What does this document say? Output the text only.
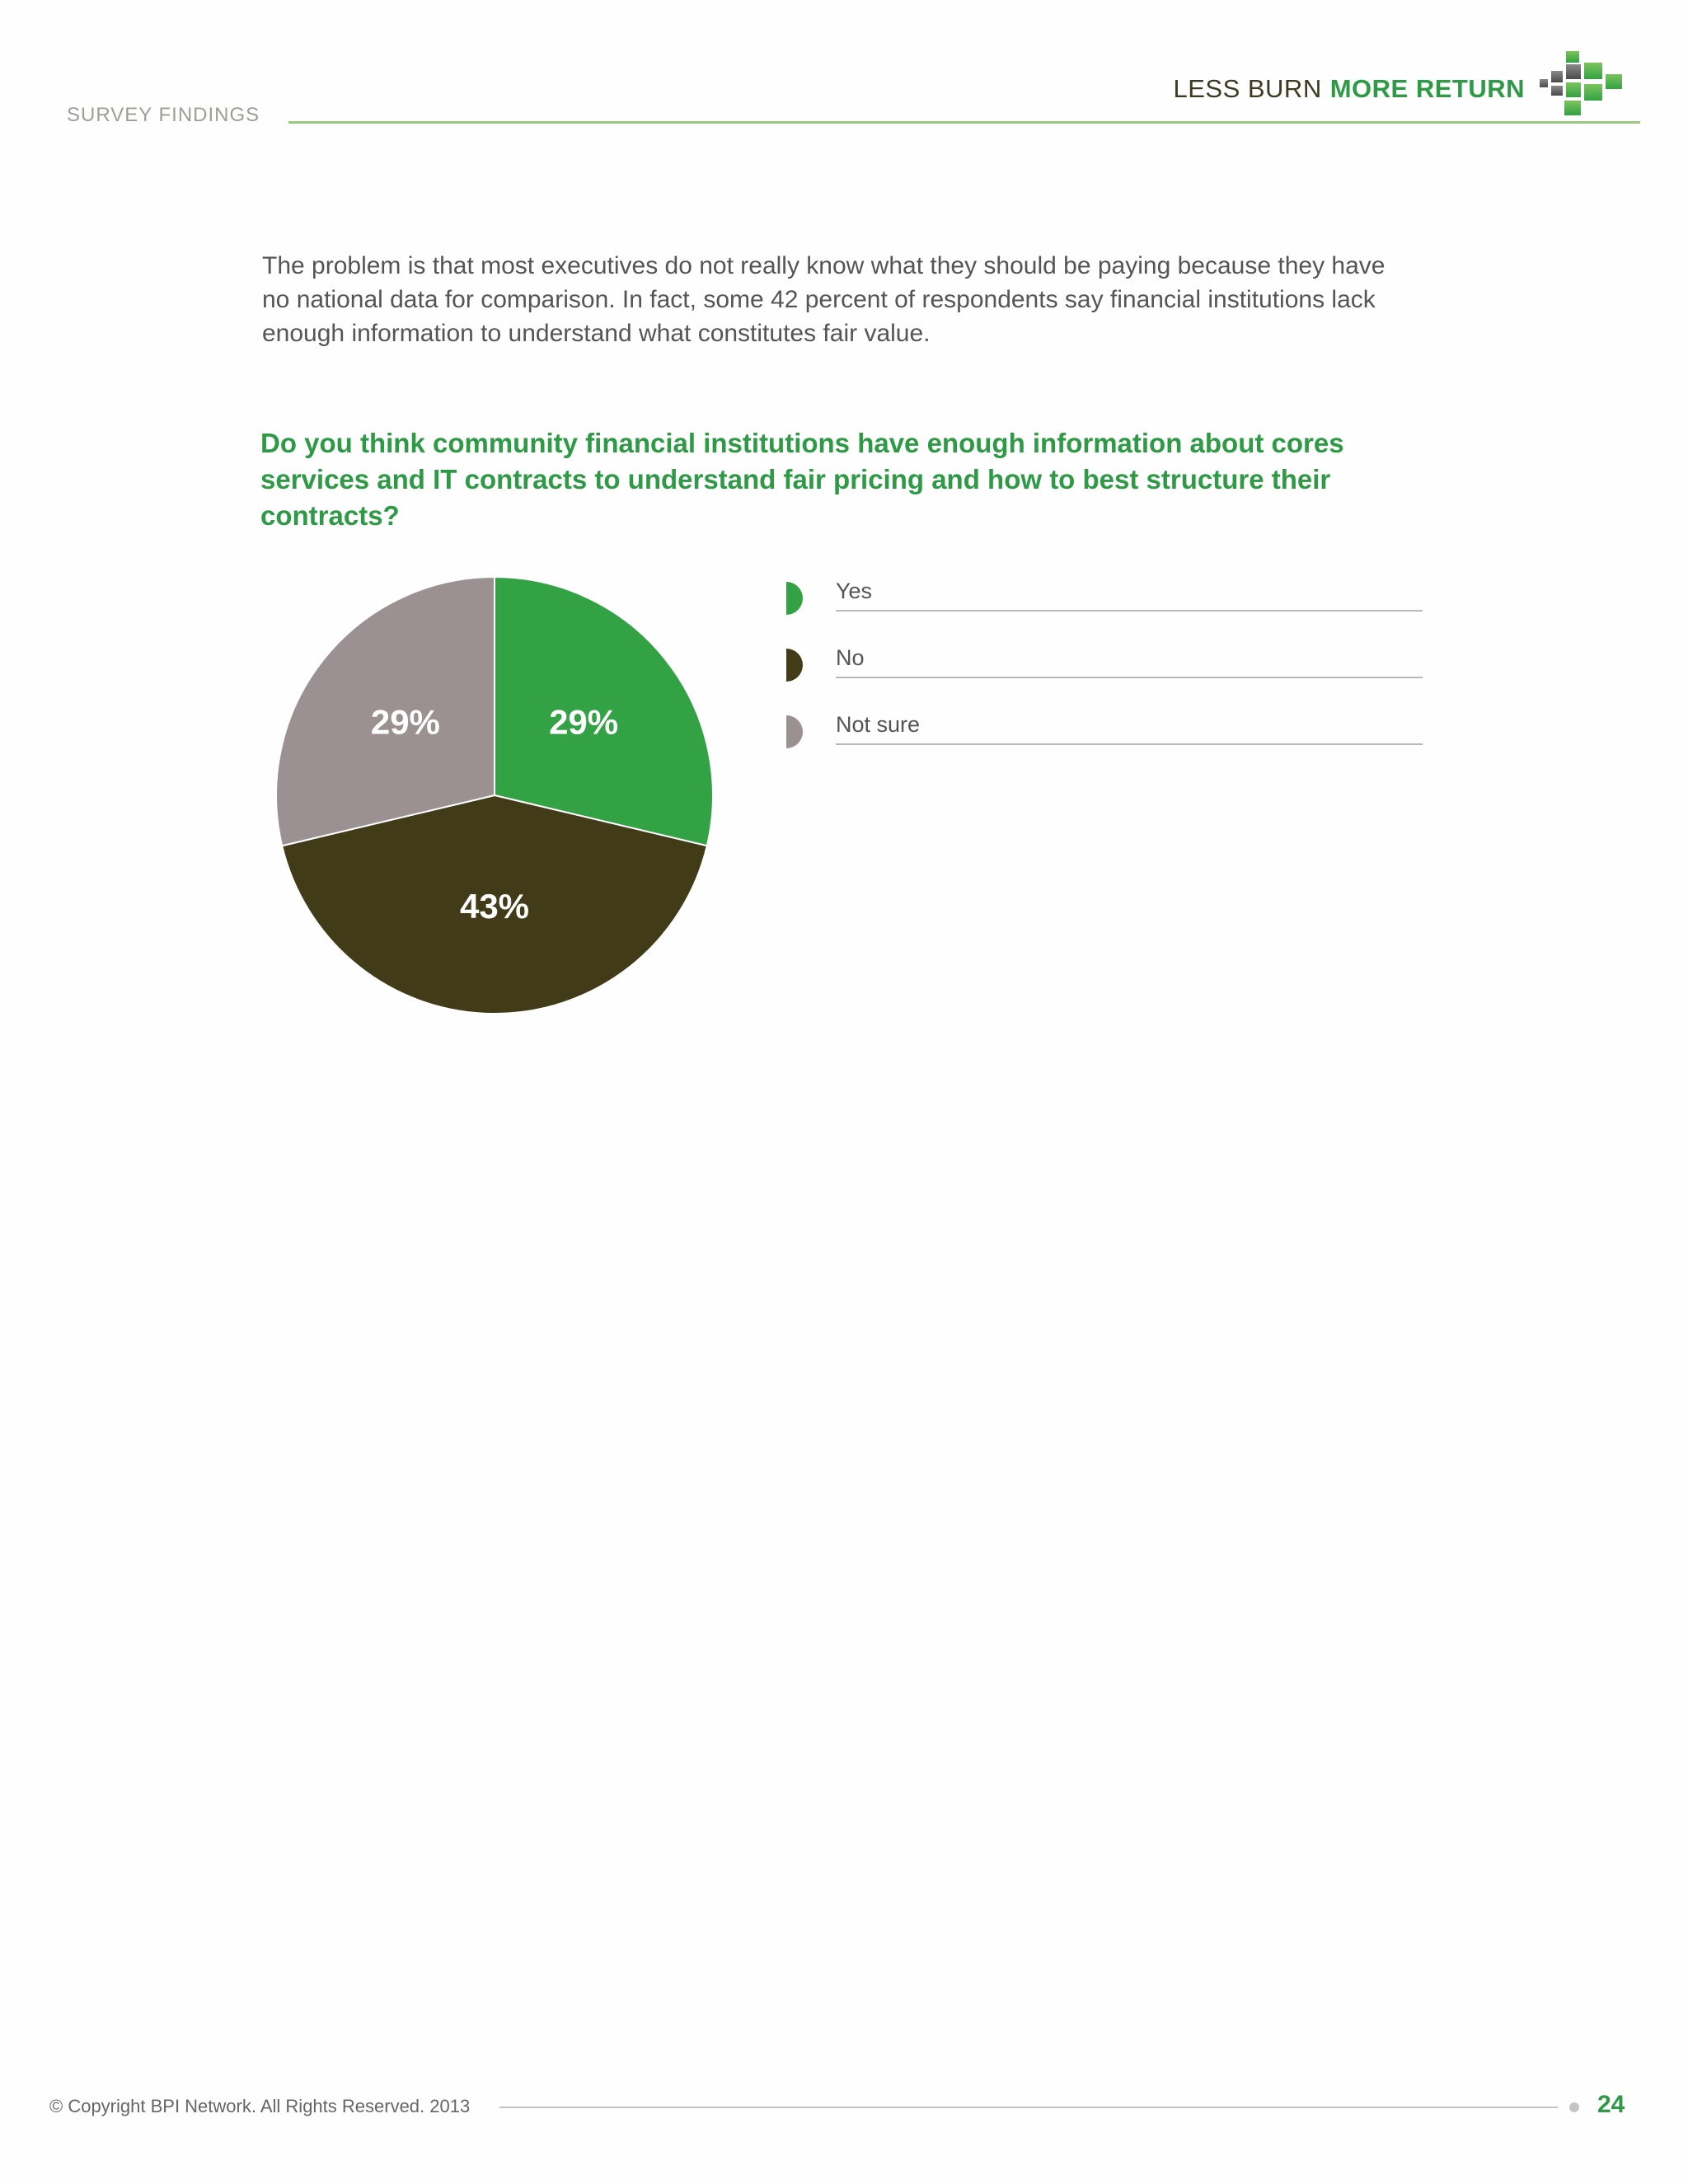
SURVEY FINDINGS
LESS BURN MORE RETURN
The problem is that most executives do not really know what they should be paying because they have no national data for comparison. In fact, some 42 percent of respondents say financial institutions lack enough information to understand what constitutes fair value.
Do you think community financial institutions have enough information about cores services and IT contracts to understand fair pricing and how to best structure their contracts?
29%
43%
29%
Yes
No
Not sure
© Copyright BPI Network. All Rights Reserved. 2013	24
